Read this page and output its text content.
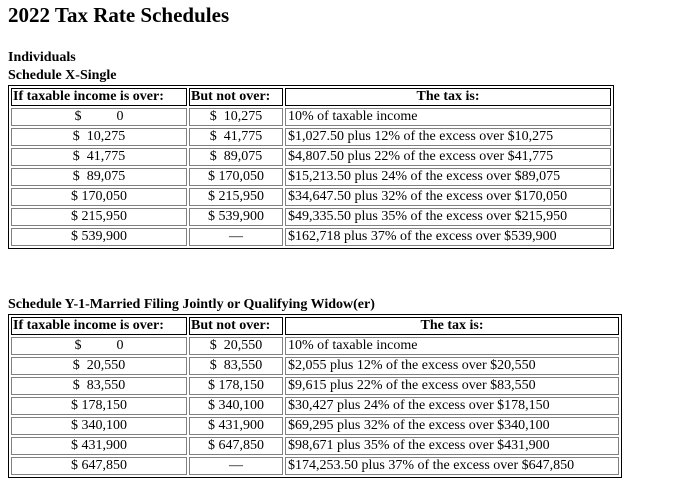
2022 Tax Rate Schedules
Individuals
Schedule X-Single
If taxable income is over:	But not over:	The tax is:
$          0	$  10,275	10% of taxable income
$  10,275	$  41,775	$1,027.50 plus 12% of the excess over $10,275
$  41,775	$  89,075	$4,807.50 plus 22% of the excess over $41,775
$  89,075	$ 170,050	$15,213.50 plus 24% of the excess over $89,075
$ 170,050	$ 215,950	$34,647.50 plus 32% of the excess over $170,050
$ 215,950	$ 539,900	$49,335.50 plus 35% of the excess over $215,950
$ 539,900	—	$162,718 plus 37% of the excess over $539,900
Schedule Y-1-Married Filing Jointly or Qualifying Widow(er)
If taxable income is over:	But not over:	The tax is:
$          0	$  20,550	10% of taxable income
$  20,550	$  83,550	$2,055 plus 12% of the excess over $20,550
$  83,550	$ 178,150	$9,615 plus 22% of the excess over $83,550
$ 178,150	$ 340,100	$30,427 plus 24% of the excess over $178,150
$ 340,100	$ 431,900	$69,295 plus 32% of the excess over $340,100
$ 431,900	$ 647,850	$98,671 plus 35% of the excess over $431,900
$ 647,850	—	$174,253.50 plus 37% of the excess over $647,850
